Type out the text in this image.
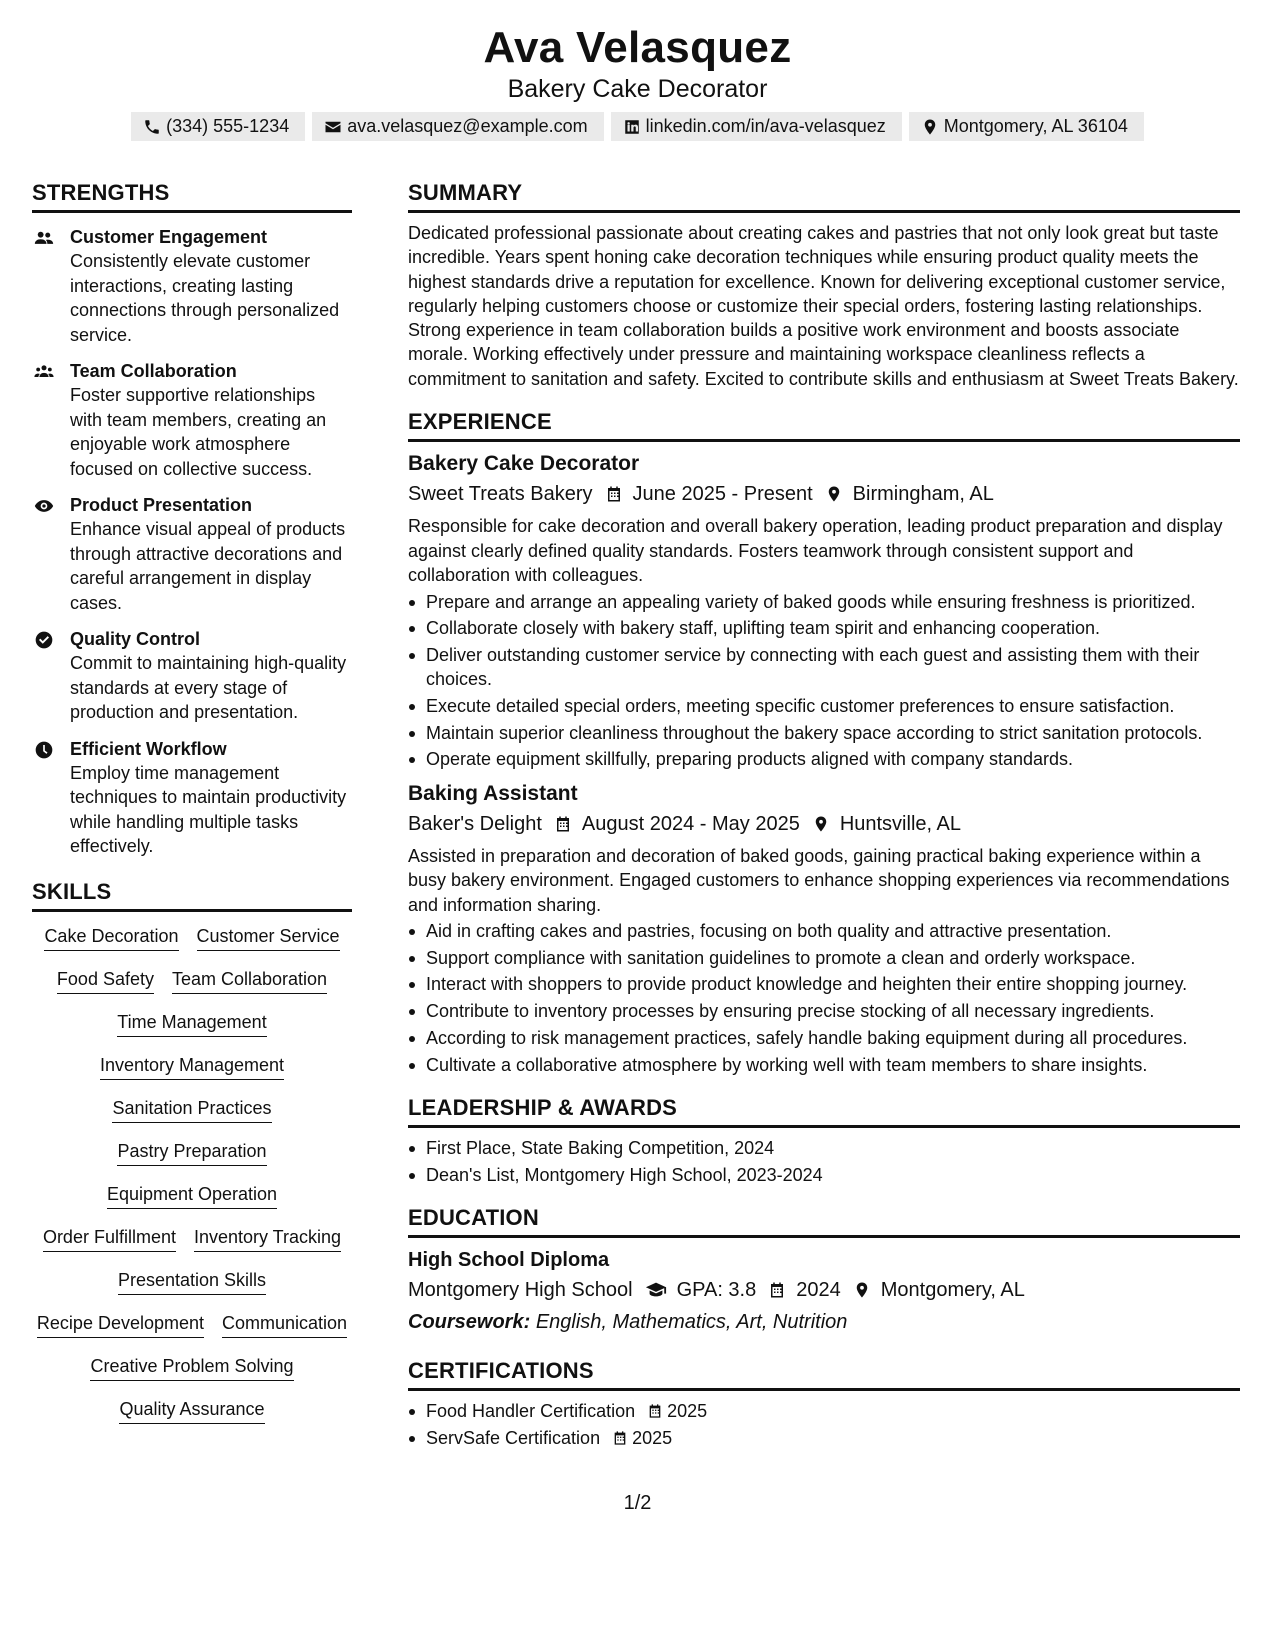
Ava Velasquez
Bakery Cake Decorator
(334) 555-1234	ava.velasquez@example.com	linkedin.com/in/ava-velasquez	Montgomery, AL 36104
STRENGTHS
Customer Engagement
Consistently elevate customer interactions, creating lasting connections through personalized service.
Team Collaboration
Foster supportive relationships with team members, creating an enjoyable work atmosphere focused on collective success.
Product Presentation
Enhance visual appeal of products through attractive decorations and careful arrangement in display cases.
Quality Control
Commit to maintaining high-quality standards at every stage of production and presentation.
Efficient Workflow
Employ time management techniques to maintain productivity while handling multiple tasks effectively.
SKILLS
Cake Decoration Customer Service
Food Safety Team Collaboration
Time Management
Inventory Management
Sanitation Practices
Pastry Preparation
Equipment Operation
Order Fulfillment Inventory Tracking
Presentation Skills
Recipe Development Communication
Creative Problem Solving
Quality Assurance
SUMMARY
Dedicated professional passionate about creating cakes and pastries that not only look great but taste incredible. Years spent honing cake decoration techniques while ensuring product quality meets the highest standards drive a reputation for excellence. Known for delivering exceptional customer service, regularly helping customers choose or customize their special orders, fostering lasting relationships. Strong experience in team collaboration builds a positive work environment and boosts associate morale. Working effectively under pressure and maintaining workspace cleanliness reflects a commitment to sanitation and safety. Excited to contribute skills and enthusiasm at Sweet Treats Bakery.
EXPERIENCE
Bakery Cake Decorator
Sweet Treats Bakery June 2025 - Present Birmingham, AL
Responsible for cake decoration and overall bakery operation, leading product preparation and display against clearly defined quality standards. Fosters teamwork through consistent support and collaboration with colleagues.
Prepare and arrange an appealing variety of baked goods while ensuring freshness is prioritized.
Collaborate closely with bakery staff, uplifting team spirit and enhancing cooperation.
Deliver outstanding customer service by connecting with each guest and assisting them with their choices.
Execute detailed special orders, meeting specific customer preferences to ensure satisfaction.
Maintain superior cleanliness throughout the bakery space according to strict sanitation protocols.
Operate equipment skillfully, preparing products aligned with company standards.
Baking Assistant
Baker's Delight August 2024 - May 2025 Huntsville, AL
Assisted in preparation and decoration of baked goods, gaining practical baking experience within a busy bakery environment. Engaged customers to enhance shopping experiences via recommendations and information sharing.
Aid in crafting cakes and pastries, focusing on both quality and attractive presentation.
Support compliance with sanitation guidelines to promote a clean and orderly workspace.
Interact with shoppers to provide product knowledge and heighten their entire shopping journey.
Contribute to inventory processes by ensuring precise stocking of all necessary ingredients.
According to risk management practices, safely handle baking equipment during all procedures.
Cultivate a collaborative atmosphere by working well with team members to share insights.
LEADERSHIP & AWARDS
First Place, State Baking Competition, 2024
Dean's List, Montgomery High School, 2023-2024
EDUCATION
High School Diploma
Montgomery High School GPA: 3.8 2024 Montgomery, AL
Coursework: English, Mathematics, Art, Nutrition
CERTIFICATIONS
Food Handler Certification 2025
ServSafe Certification 2025
1/2
